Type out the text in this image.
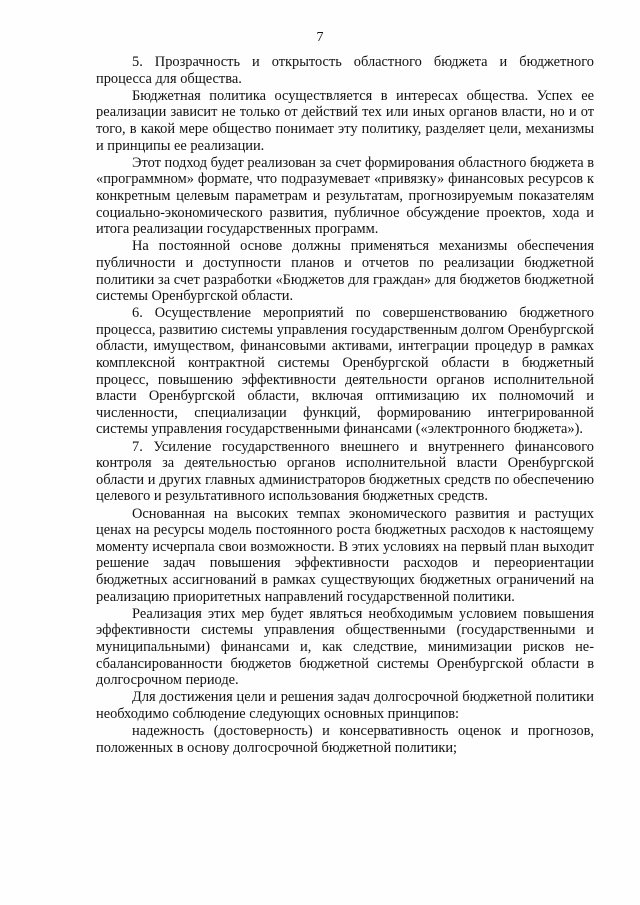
7

5. Прозрачность и открытость областного бюджета и бюджетного процесса для общества.

Бюджетная политика осуществляется в интересах общества. Успех ее реализации зависит не только от действий тех или иных органов власти, но и от того, в какой мере общество понимает эту политику, разделяет цели, механизмы и принципы ее реализации.

Этот подход будет реализован за счет формирования областного бюджета в «программном» формате, что подразумевает «привязку» финансовых ресурсов к конкретным целевым параметрам и результатам, прогнозируемым показателям социально-экономического развития, публичное обсуждение проектов, хода и итога реализации государственных программ.

На постоянной основе должны применяться механизмы обеспечения публичности и доступности планов и отчетов по реализации бюджетной политики за счет разработки «Бюджетов для граждан» для бюджетов бюджетной системы Оренбургской области.

6. Осуществление мероприятий по совершенствованию бюджетного процесса, развитию системы управления государственным долгом Оренбургской области, имуществом, финансовыми активами, интеграции процедур в рамках комплексной контрактной системы Оренбургской области в бюджетный процесс, повышению эффективности деятельности органов исполнительной власти Оренбургской области, включая оптимизацию их полномочий и численности, специализации функций, формированию интегрированной системы управления государственными финансами («электронного бюджета»).

7. Усиление государственного внешнего и внутреннего финансового контроля за деятельностью органов исполнительной власти Оренбургской области и других главных администраторов бюджетных средств по обеспечению целевого и результативного использования бюджетных средств.

Основанная на высоких темпах экономического развития и растущих ценах на ресурсы модель постоянного роста бюджетных расходов к настоящему моменту исчерпала свои возможности. В этих условиях на первый план выходит решение задач повышения эффективности расходов и переориентации бюджетных ассигнований в рамках существующих бюджетных ограничений на реализацию приоритетных направлений государственной политики.

Реализация этих мер будет являться необходимым условием повышения эффективности системы управления общественными (государственными и муниципальными) финансами и, как следствие, минимизации рисков несбалансированности бюджетов бюджетной системы Оренбургской области в долгосрочном периоде.

Для достижения цели и решения задач долгосрочной бюджетной политики необходимо соблюдение следующих основных принципов:

надежность (достоверность) и консервативность оценок и прогнозов, положенных в основу долгосрочной бюджетной политики;
